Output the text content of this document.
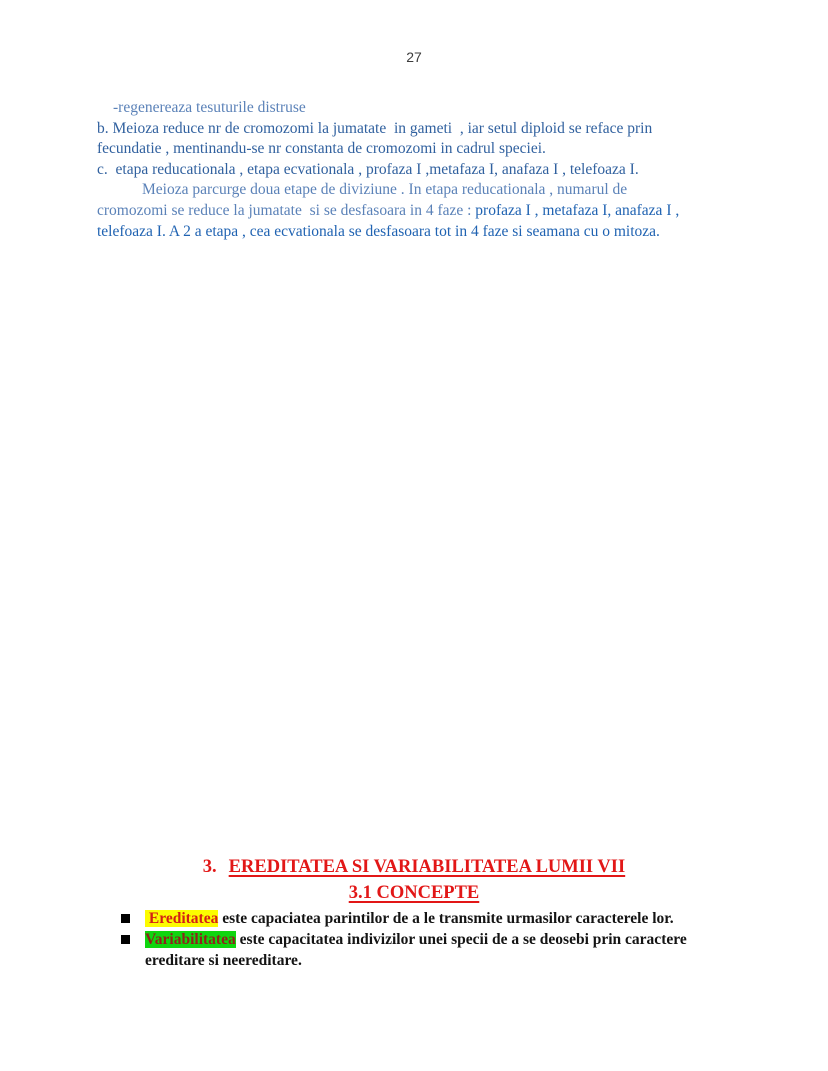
27
-regenereaza tesuturile distruse
b. Meioza reduce nr de cromozomi la jumatate  in gameti  , iar setul diploid se reface prin
fecundatie , mentinandu-se nr constanta de cromozomi in cadrul speciei.
c.  etapa reducationala , etapa ecvationala , profaza I ,metafaza I, anafaza I , telefoaza I.
Meioza parcurge doua etape de diviziune . In etapa reducationala , numarul de
cromozomi se reduce la jumatate  si se desfasoara in 4 faze : profaza I , metafaza I, anafaza I ,
telefoaza I. A 2 a etapa , cea ecvationala se desfasoara tot in 4 faze si seamana cu o mitoza.
3. EREDITATEA SI VARIABILITATEA LUMII VII
3.1 CONCEPTE
Ereditatea este capaciatea parintilor de a le transmite urmasilor caracterele lor.
Variabilitatea este capacitatea indivizilor unei specii de a se deosebi prin caractere
ereditare si neereditare.
